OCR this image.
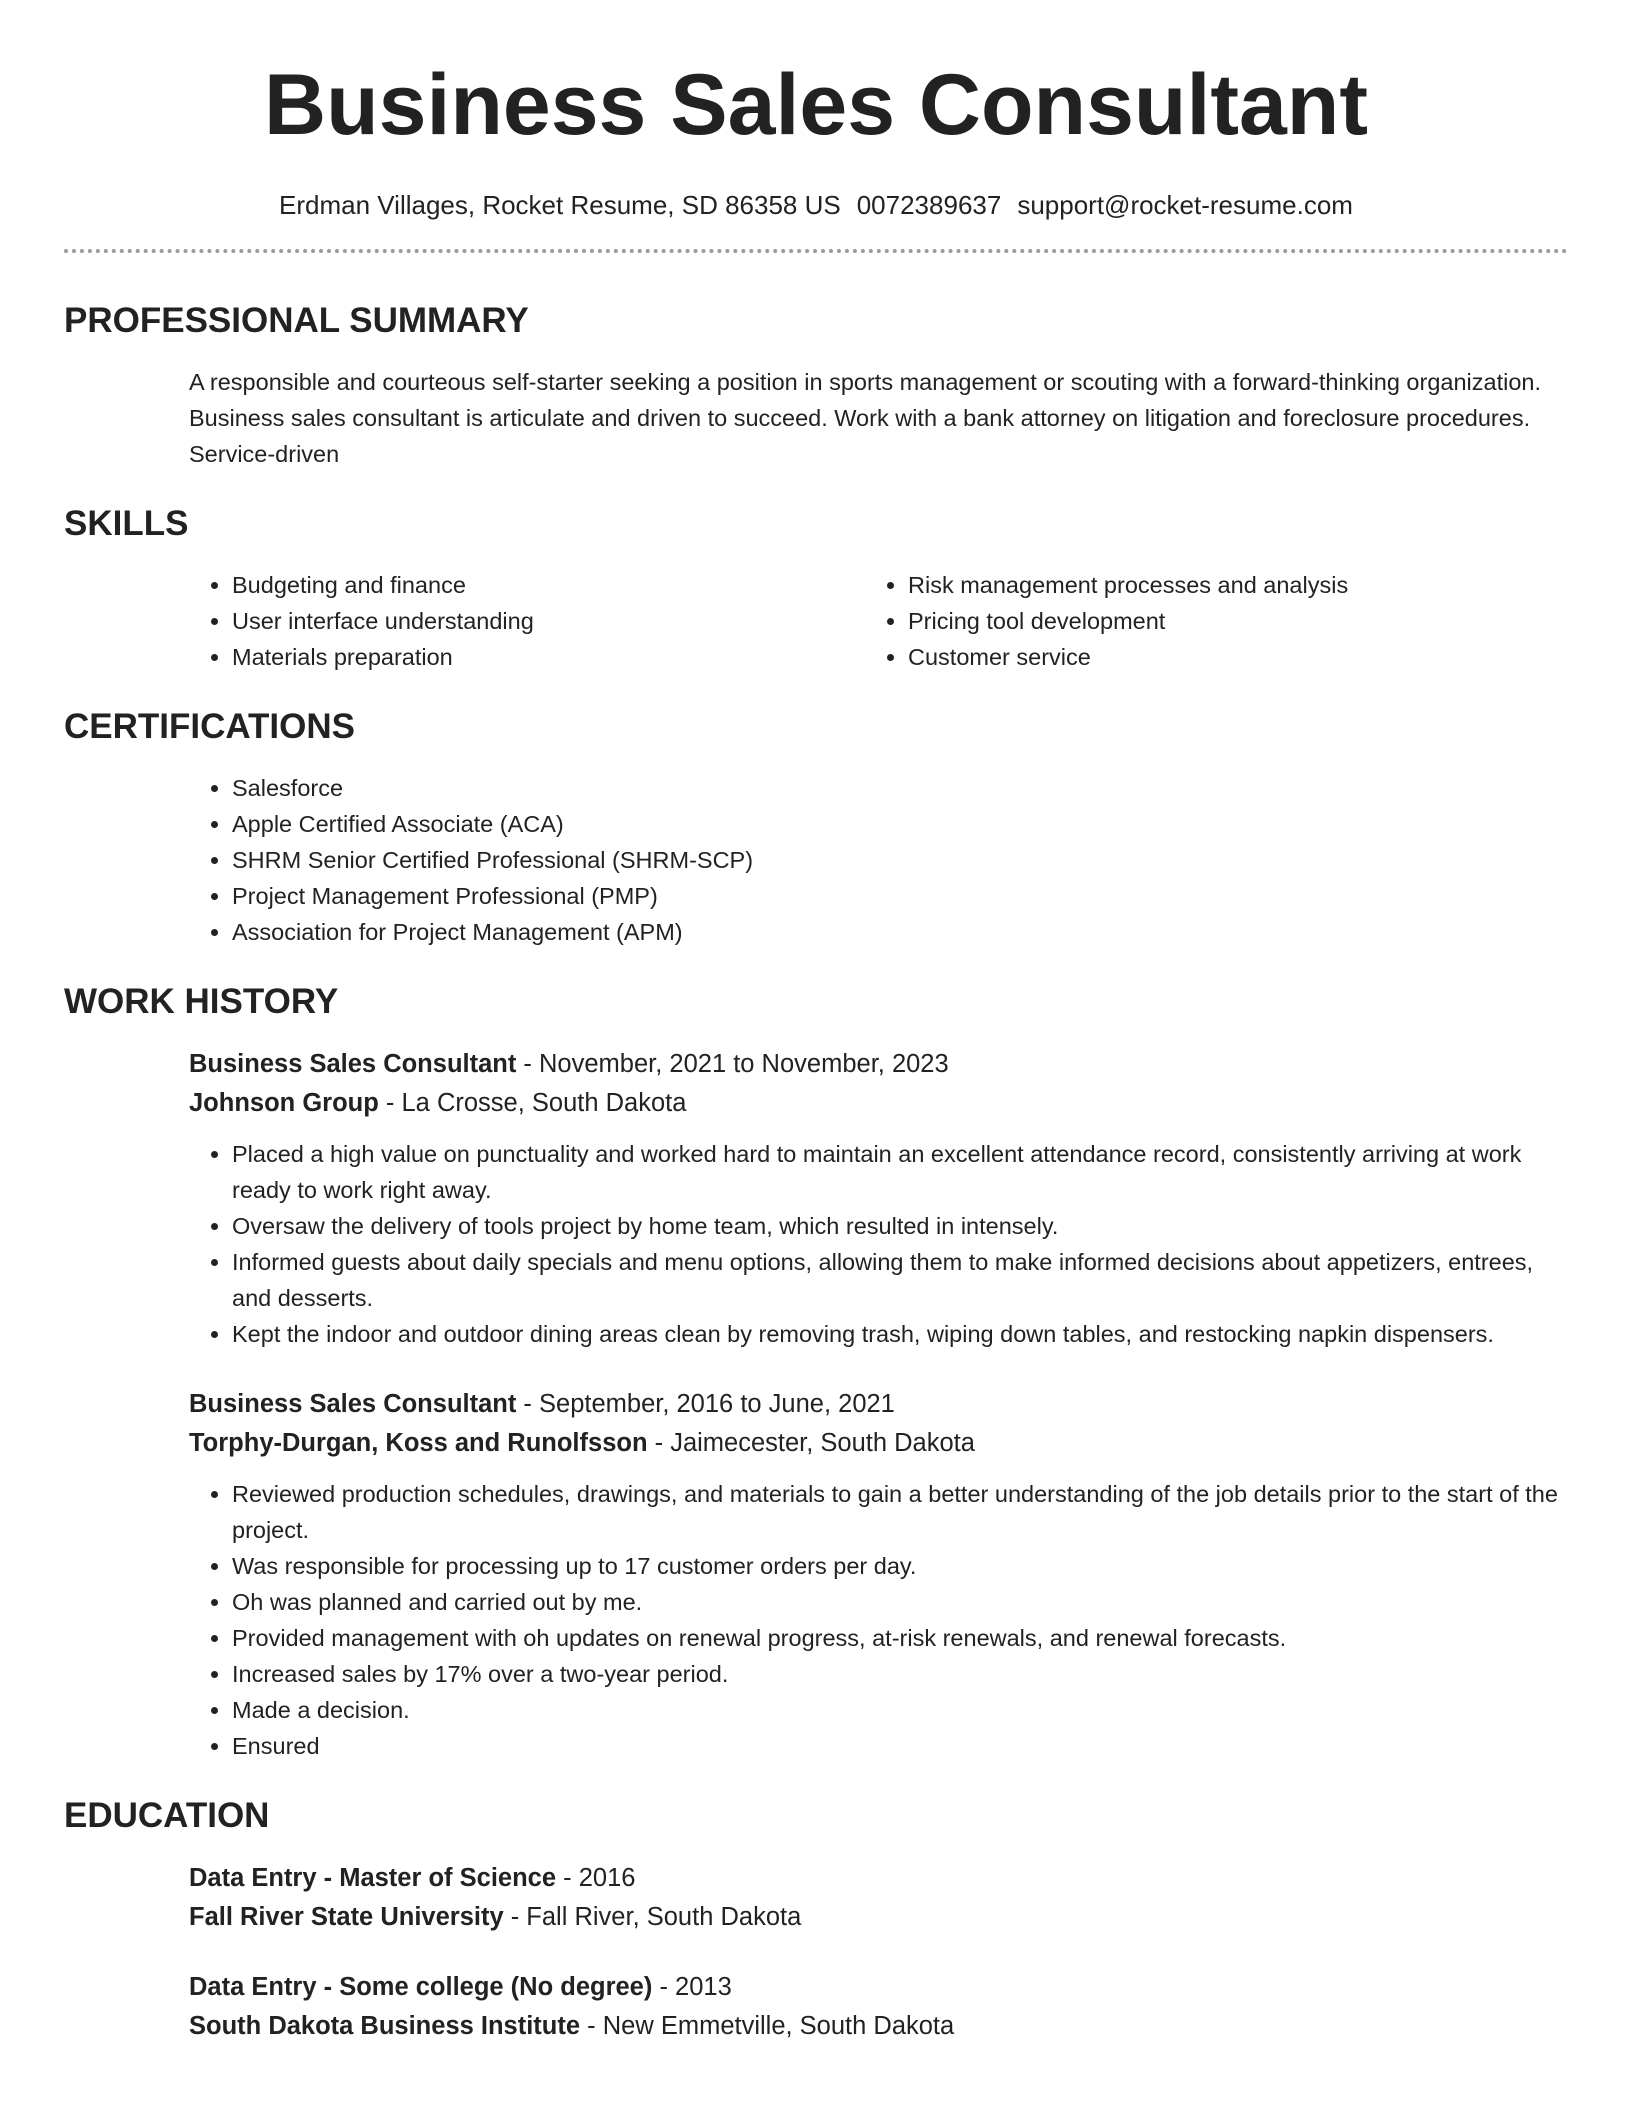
Business Sales Consultant
Erdman Villages, Rocket Resume, SD 86358 US 0072389637 support@rocket-resume.com
PROFESSIONAL SUMMARY
A responsible and courteous self-starter seeking a position in sports management or scouting with a forward-thinking organization. Business sales consultant is articulate and driven to succeed. Work with a bank attorney on litigation and foreclosure procedures. Service-driven
SKILLS
• Budgeting and finance
• User interface understanding
• Materials preparation
• Risk management processes and analysis
• Pricing tool development
• Customer service
CERTIFICATIONS
• Salesforce
• Apple Certified Associate (ACA)
• SHRM Senior Certified Professional (SHRM-SCP)
• Project Management Professional (PMP)
• Association for Project Management (APM)
WORK HISTORY
Business Sales Consultant - November, 2021 to November, 2023
Johnson Group - La Crosse, South Dakota
• Placed a high value on punctuality and worked hard to maintain an excellent attendance record, consistently arriving at work ready to work right away.
• Oversaw the delivery of tools project by home team, which resulted in intensely.
• Informed guests about daily specials and menu options, allowing them to make informed decisions about appetizers, entrees, and desserts.
• Kept the indoor and outdoor dining areas clean by removing trash, wiping down tables, and restocking napkin dispensers.
Business Sales Consultant - September, 2016 to June, 2021
Torphy-Durgan, Koss and Runolfsson - Jaimecester, South Dakota
• Reviewed production schedules, drawings, and materials to gain a better understanding of the job details prior to the start of the project.
• Was responsible for processing up to 17 customer orders per day.
• Oh was planned and carried out by me.
• Provided management with oh updates on renewal progress, at-risk renewals, and renewal forecasts.
• Increased sales by 17% over a two-year period.
• Made a decision.
• Ensured
EDUCATION
Data Entry - Master of Science - 2016
Fall River State University - Fall River, South Dakota
Data Entry - Some college (No degree) - 2013
South Dakota Business Institute - New Emmetville, South Dakota
